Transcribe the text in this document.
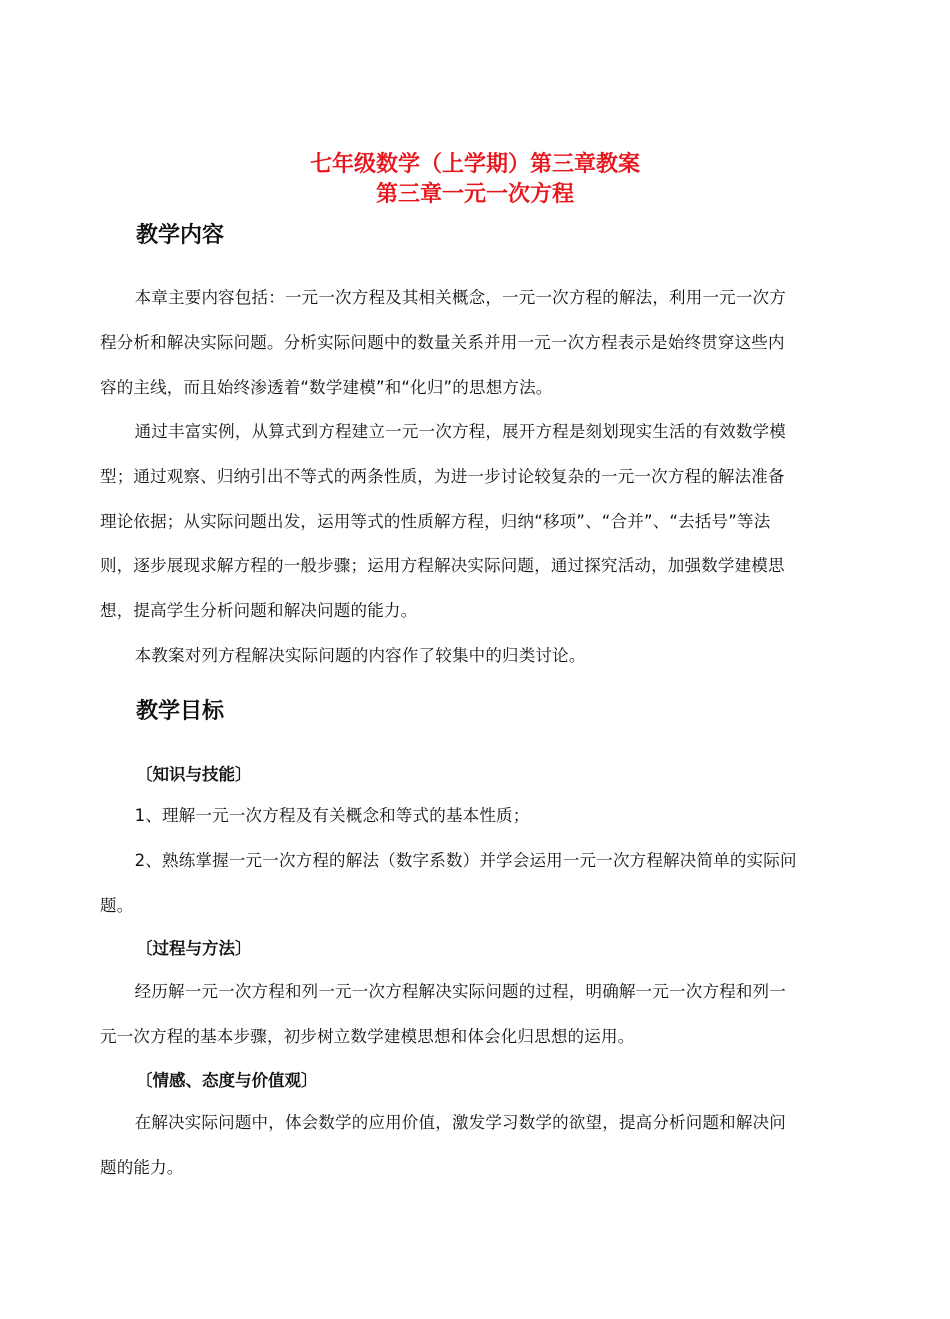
七年级数学（上学期）第三章教案
第三章一元一次方程
教学内容
本章主要内容包括：一元一次方程及其相关概念，一元一次方程的解法，利用一元一次方程分析和解决实际问题。分析实际问题中的数量关系并用一元一次方程表示是始终贯穿这些内容的主线，而且始终渗透着“数学建模”和“化归”的思想方法。
通过丰富实例，从算式到方程建立一元一次方程，展开方程是刻划现实生活的有效数学模型；通过观察、归纳引出不等式的两条性质，为进一步讨论较复杂的一元一次方程的解法准备理论依据；从实际问题出发，运用等式的性质解方程，归纳“移项”、“合并”、“去括号”等法则，逐步展现求解方程的一般步骤；运用方程解决实际问题，通过探究活动，加强数学建模思想，提高学生分析问题和解决问题的能力。
本教案对列方程解决实际问题的内容作了较集中的归类讨论。
教学目标
〔知识与技能〕
1、理解一元一次方程及有关概念和等式的基本性质；
2、熟练掌握一元一次方程的解法（数字系数）并学会运用一元一次方程解决简单的实际问题。
〔过程与方法〕
经历解一元一次方程和列一元一次方程解决实际问题的过程，明确解一元一次方程和列一元一次方程的基本步骤，初步树立数学建模思想和体会化归思想的运用。
〔情感、态度与价值观〕
在解决实际问题中，体会数学的应用价值，激发学习数学的欲望，提高分析问题和解决问题的能力。
